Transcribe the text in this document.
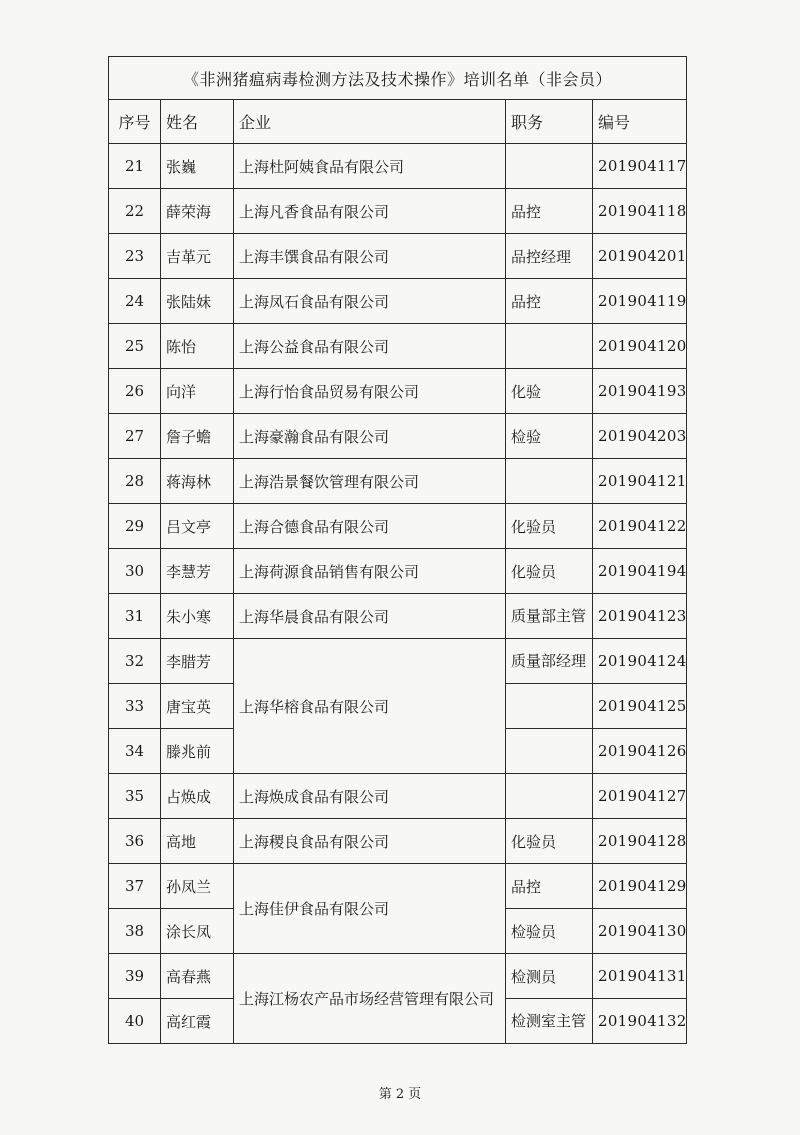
《非洲猪瘟病毒检测方法及技术操作》培训名单（非会员）				
序号	姓名	企业	职务	编号
21	张巍	上海杜阿姨食品有限公司		201904117

22	薛荣海	上海凡香食品有限公司	品控	201904118

23	吉革元	上海丰馔食品有限公司	品控经理	201904201

24	张陆妹	上海凤石食品有限公司	品控	201904119

25	陈怡	上海公益食品有限公司		201904120

26	向洋	上海行怡食品贸易有限公司	化验	201904193

27	詹子蟾	上海豪瀚食品有限公司	检验	201904203

28	蒋海林	上海浩景餐饮管理有限公司		201904121

29	吕文亭	上海合德食品有限公司	化验员	201904122

30	李慧芳	上海荷源食品销售有限公司	化验员	201904194

31	朱小寒	上海华晨食品有限公司	质量部主管	201904123

32	李腊芳	上海华榕食品有限公司	质量部经理	201904124

33	唐宝英			201904125

34	滕兆前			201904126

35	占焕成	上海焕成食品有限公司		201904127

36	高地	上海稷良食品有限公司	化验员	201904128

37	孙凤兰	上海佳伊食品有限公司	品控	201904129

38	涂长凤		检验员	201904130

39	高春燕	上海江杨农产品市场经营管理有限公司	检测员	201904131

40	高红霞		检测室主管	201904132
第 2 页
